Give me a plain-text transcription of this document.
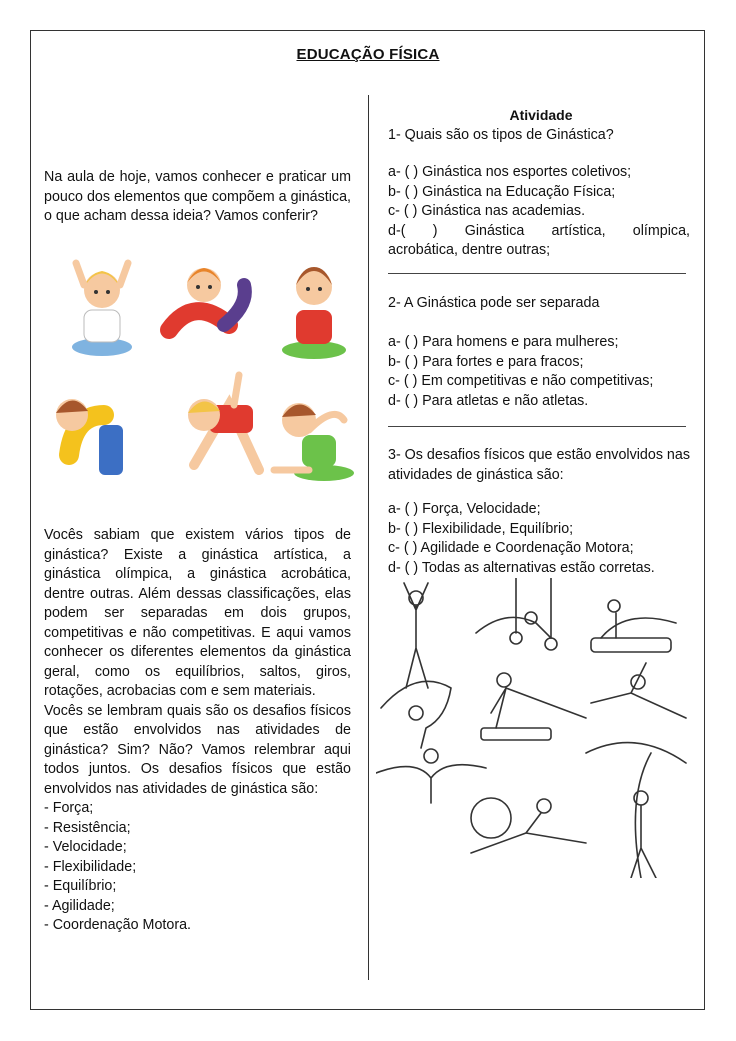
EDUCAÇÃO FÍSICA
Na aula de hoje, vamos conhecer e praticar um pouco dos elementos que compõem a ginástica, o que acham dessa ideia? Vamos conferir?
Vocês sabiam que existem vários tipos de ginástica? Existe a ginástica artística, a ginástica olímpica, a ginástica acrobática, dentre outras. Além dessas classificações, elas podem ser separadas em dois grupos, competitivas e não competitivas. E aqui vamos conhecer os diferentes elementos da ginástica geral, como os equilíbrios, saltos, giros, rotações, acrobacias com e sem materiais.
Vocês se lembram quais são os desafios físicos que estão envolvidos nas atividades de ginástica? Sim? Não? Vamos relembrar aqui todos juntos. Os desafios físicos que estão envolvidos nas atividades de ginástica são:
- Força;
- Resistência;
- Velocidade;
- Flexibilidade;
- Equilíbrio;
- Agilidade;
- Coordenação Motora.
Atividade

1- Quais são os tipos de Ginástica?

a- ( ) Ginástica nos esportes coletivos;

b- ( ) Ginástica na Educação Física;

c- ( ) Ginástica nas academias.

d-( ) Ginástica artística, olímpica,

acrobática, dentre outras;

2- A Ginástica pode ser separada

a- ( ) Para homens e para mulheres;

b- ( ) Para fortes e para fracos;

c- ( ) Em competitivas e não competitivas;

d- ( ) Para atletas e não atletas.

3- Os desafios físicos que estão envolvidos nas atividades de ginástica são:

a- ( ) Força, Velocidade;

b- ( ) Flexibilidade, Equilíbrio;

c- ( ) Agilidade e Coordenação Motora;

d- ( ) Todas as alternativas estão corretas.
